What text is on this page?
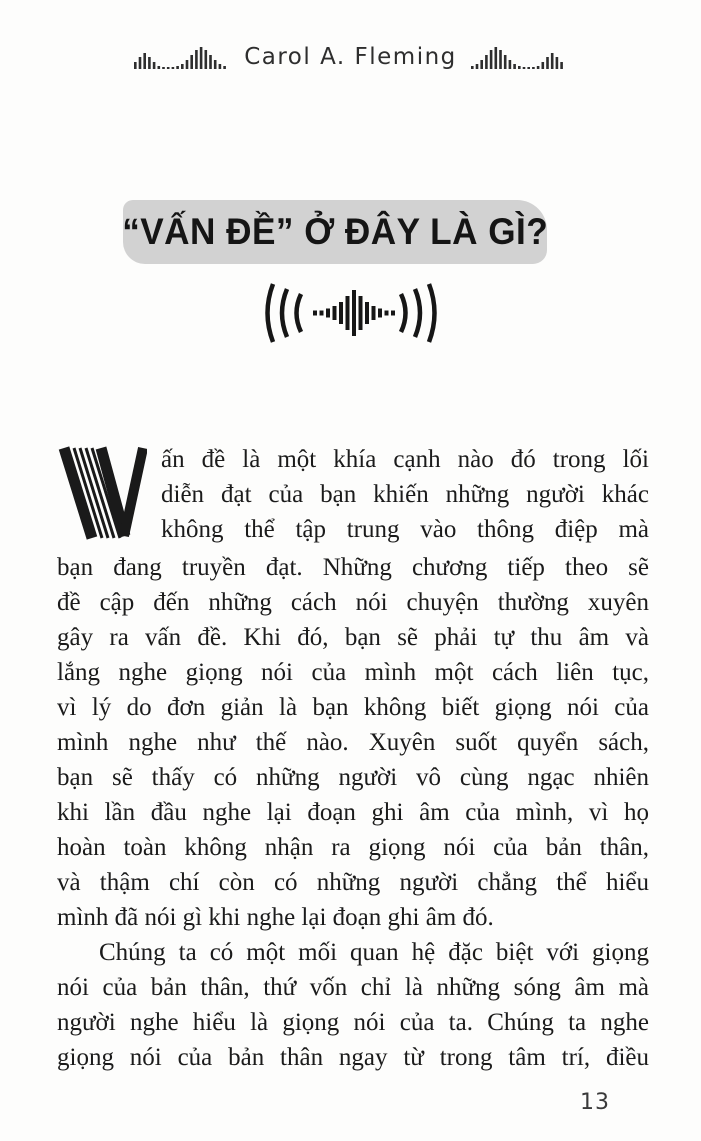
Carol A. Fleming
“VẤN ĐỀ” Ở ĐÂY LÀ GÌ?
ấn đề là một khía cạnh nào đó trong lối
diễn đạt của bạn khiến những người khác
không thể tập trung vào thông điệp mà
bạn đang truyền đạt. Những chương tiếp theo sẽ
đề cập đến những cách nói chuyện thường xuyên
gây ra vấn đề. Khi đó, bạn sẽ phải tự thu âm và
lắng nghe giọng nói của mình một cách liên tục,
vì lý do đơn giản là bạn không biết giọng nói của
mình nghe như thế nào. Xuyên suốt quyển sách,
bạn sẽ thấy có những người vô cùng ngạc nhiên
khi lần đầu nghe lại đoạn ghi âm của mình, vì họ
hoàn toàn không nhận ra giọng nói của bản thân,
và thậm chí còn có những người chẳng thể hiểu
mình đã nói gì khi nghe lại đoạn ghi âm đó.
Chúng ta có một mối quan hệ đặc biệt với giọng
nói của bản thân, thứ vốn chỉ là những sóng âm mà
người nghe hiểu là giọng nói của ta. Chúng ta nghe
giọng nói của bản thân ngay từ trong tâm trí, điều
13
